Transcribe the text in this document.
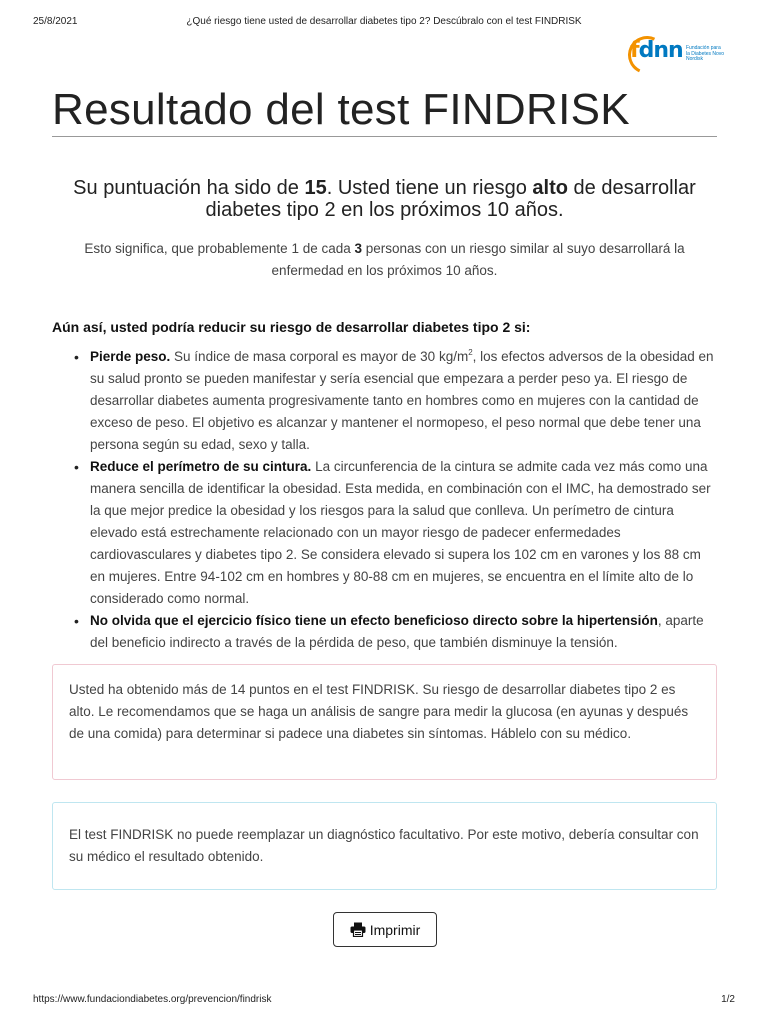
25/8/2021	¿Qué riesgo tiene usted de desarrollar diabetes tipo 2? Descúbralo con el test FINDRISK
fdnn Fundación para la Diabetes Novo Nordisk
Resultado del test FINDRISK

Su puntuación ha sido de 15. Usted tiene un riesgo alto de desarrollar diabetes tipo 2 en los próximos 10 años.

Esto significa, que probablemente 1 de cada 3 personas con un riesgo similar al suyo desarrollará la enfermedad en los próximos 10 años.

Aún así, usted podría reducir su riesgo de desarrollar diabetes tipo 2 si:

• Pierde peso. Su índice de masa corporal es mayor de 30 $kg/m^2$, los efectos adversos de la obesidad en su salud pronto se pueden manifestar y sería esencial que empezara a perder peso ya. El riesgo de desarrollar diabetes aumenta progresivamente tanto en hombres como en mujeres con la cantidad de exceso de peso. El objetivo es alcanzar y mantener el normopeso, el peso normal que debe tener una persona según su edad, sexo y talla.
• Reduce el perímetro de su cintura. La circunferencia de la cintura se admite cada vez más como una manera sencilla de identificar la obesidad. Esta medida, en combinación con el IMC, ha demostrado ser la que mejor predice la obesidad y los riesgos para la salud que conlleva. Un perímetro de cintura elevado está estrechamente relacionado con un mayor riesgo de padecer enfermedades cardiovasculares y diabetes tipo 2. Se considera elevado si supera los 102 cm en varones y los 88 cm en mujeres. Entre 94-102 cm en hombres y 80-88 cm en mujeres, se encuentra en el límite alto de lo considerado como normal.
• No olvida que el ejercicio físico tiene un efecto beneficioso directo sobre la hipertensión, aparte del beneficio indirecto a través de la pérdida de peso, que también disminuye la tensión.
Usted ha obtenido más de 14 puntos en el test FINDRISK. Su riesgo de desarrollar diabetes tipo 2 es alto. Le recomendamos que se haga un análisis de sangre para medir la glucosa (en ayunas y después de una comida) para determinar si padece una diabetes sin síntomas. Háblelo con su médico.
El test FINDRISK no puede reemplazar un diagnóstico facultativo. Por este motivo, debería consultar con su médico el resultado obtenido.
Imprimir
https://www.fundaciondiabetes.org/prevencion/findrisk	1/2
